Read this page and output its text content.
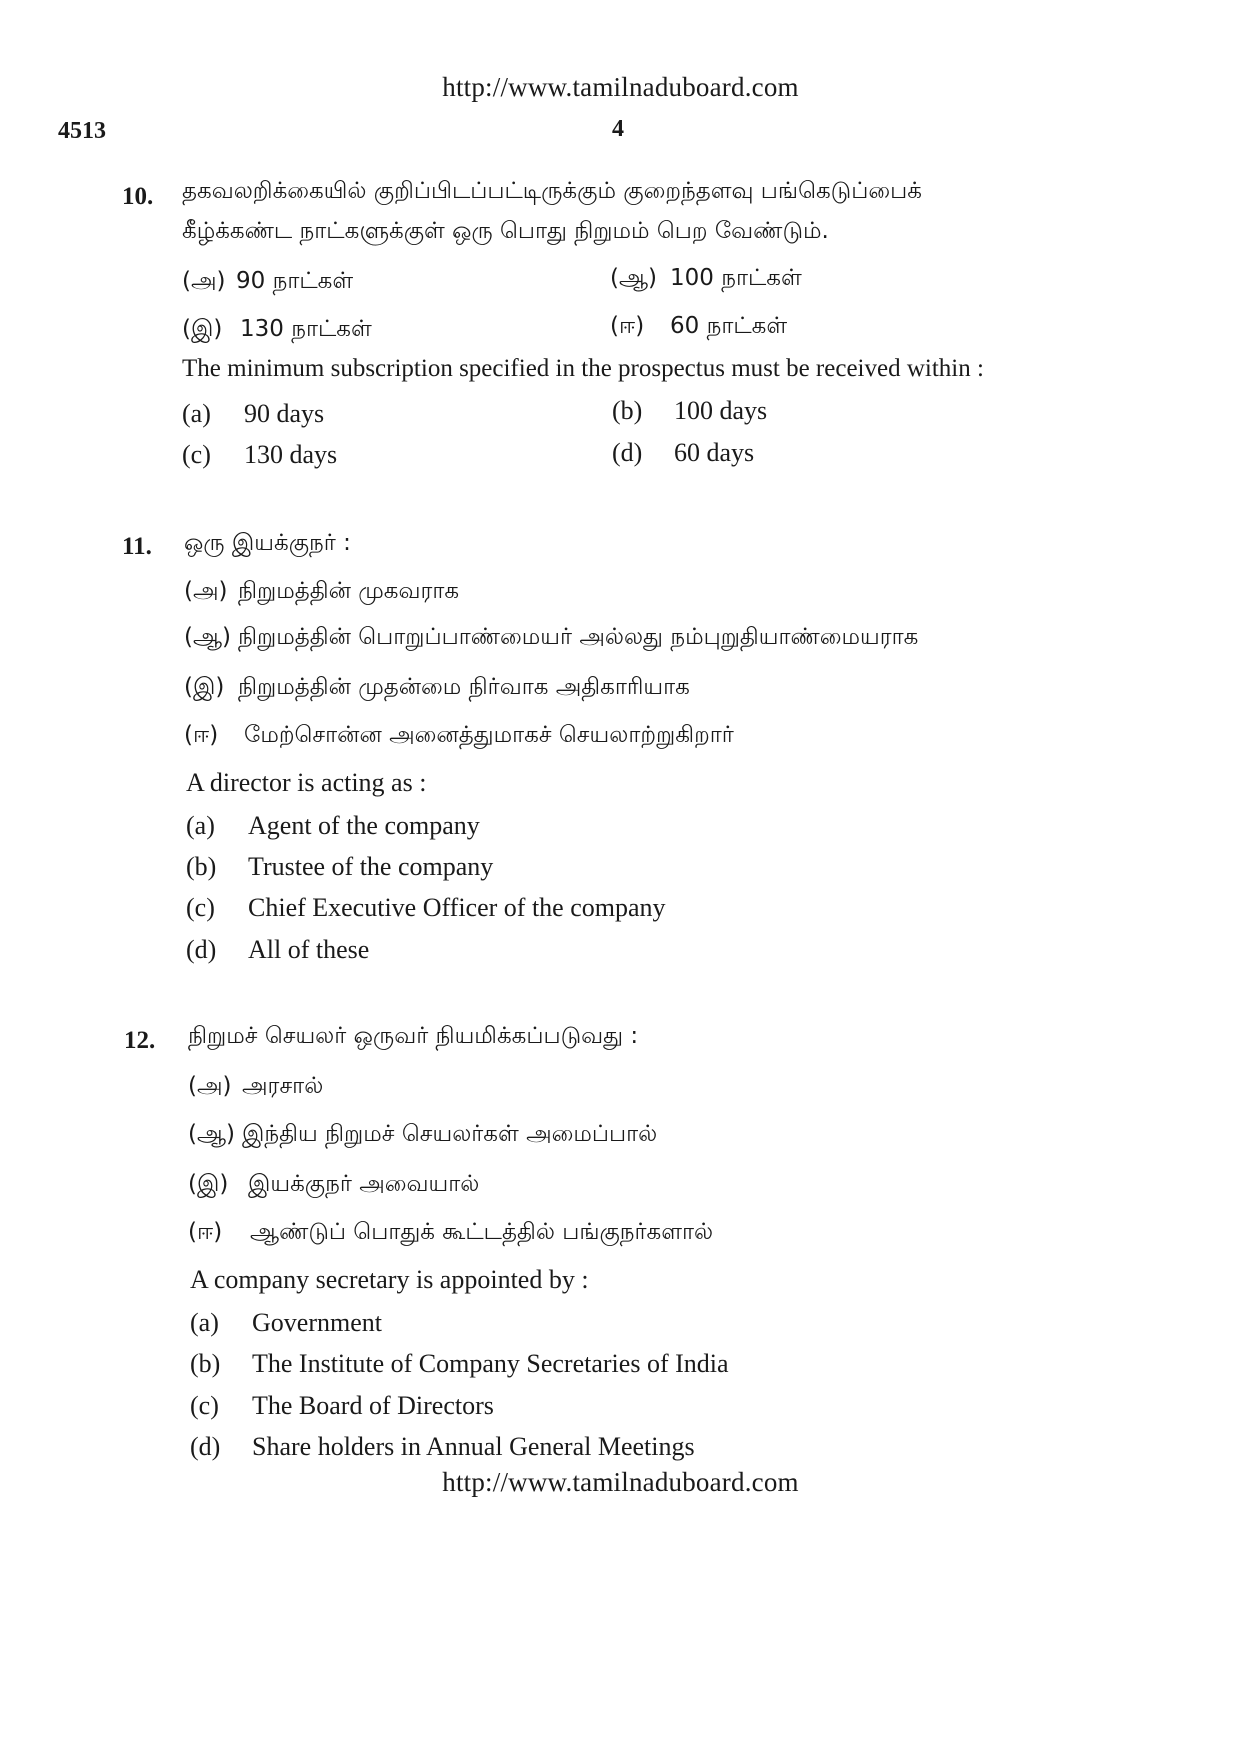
http://www.tamilnaduboard.com
4513	4
10. தகவலறிக்கையில் குறிப்பிடப்பட்டிருக்கும் குறைந்தளவு பங்கெடுப்பைக்
கீழ்க்கண்ட நாட்களுக்குள் ஒரு பொது நிறுமம் பெற வேண்டும்.
(அ) 90 நாட்கள்	(ஆ) 100 நாட்கள்
(இ) 130 நாட்கள்	(ஈ) 60 நாட்கள்
The minimum subscription specified in the prospectus must be received within :
(a) 90 days	(b) 100 days
(c) 130 days	(d) 60 days
11. ஒரு இயக்குநர் :
(அ) நிறுமத்தின் முகவராக
(ஆ) நிறுமத்தின் பொறுப்பாண்மையர் அல்லது நம்புறுதியாண்மையராக
(இ) நிறுமத்தின் முதன்மை நிர்வாக அதிகாரியாக
(ஈ) மேற்சொன்ன அனைத்துமாகச் செயலாற்றுகிறார்
A director is acting as :
(a) Agent of the company
(b) Trustee of the company
(c) Chief Executive Officer of the company
(d) All of these
12. நிறுமச் செயலர் ஒருவர் நியமிக்கப்படுவது :
(அ) அரசால்
(ஆ) இந்திய நிறுமச் செயலர்கள் அமைப்பால்
(இ) இயக்குநர் அவையால்
(ஈ) ஆண்டுப் பொதுக் கூட்டத்தில் பங்குநர்களால்
A company secretary is appointed by :
(a) Government
(b) The Institute of Company Secretaries of India
(c) The Board of Directors
(d) Share holders in Annual General Meetings
http://www.tamilnaduboard.com
